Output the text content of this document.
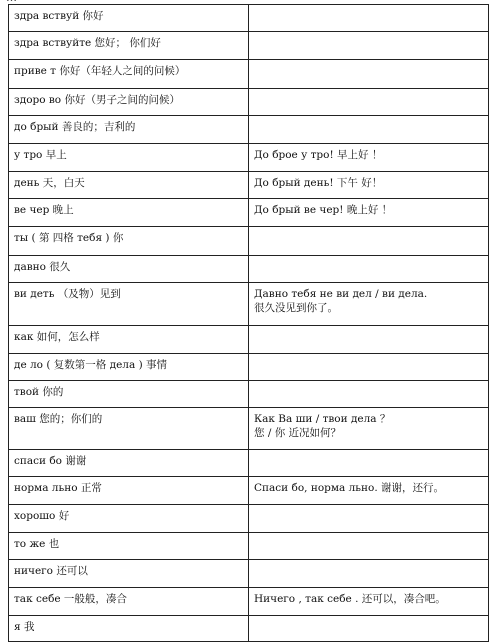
здра вствуй 你好	

здра вствуйте 您好； 你们好	

приве т 你好（年轻人之间的问候）	

здоро во 你好（男子之间的问候）	

до брый 善良的；吉利的	

у тро 早上	До брое у тро! 早上好 ！

день 天，白天	До брый день! 下午 好！

ве чер 晚上	До брый ве чер! 晚上好 ！

ты ( 第 四格 тебя ) 你	

давно 很久	

ви деть （及物）见到	Давно тебя не ви дел / ви дела.
很久没见到你了。

как 如何，怎么样	

де ло ( 复数第一格 дела ) 事情	

твой 你的	

ваш 您的；你们的	Как Ва ши / твои дела ？
您 / 你 近况如何？

спаси бо 谢谢	

норма льно 正常	Спаси бо, норма льно. 谢谢，还行。

хорошо 好	

то же 也	

ничего 还可以	

так себе 一般般，凑合	Ничего , так себе . 还可以，凑合吧。

я 我	
